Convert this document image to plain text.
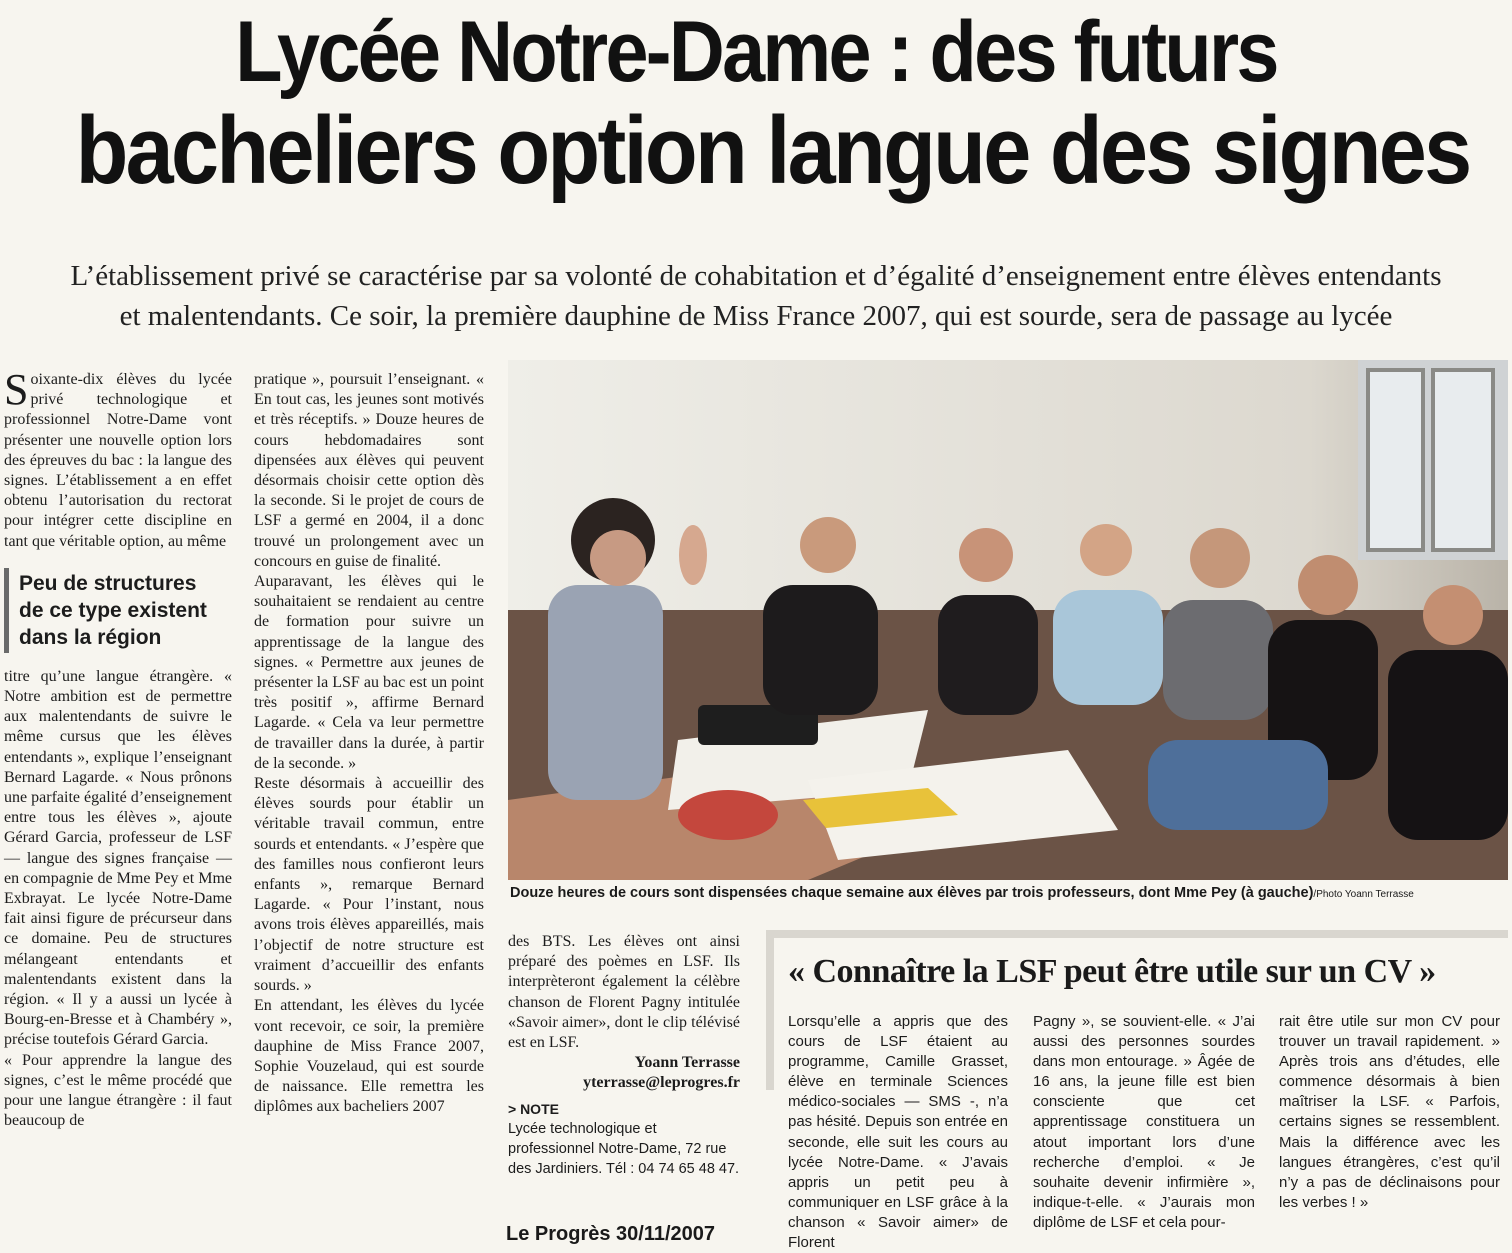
Lycée Notre-Dame : des futurs
bacheliers option langue des signes
L’établissement privé se caractérise par sa volonté de cohabitation et d’égalité d’enseignement entre élèves entendants
et malentendants. Ce soir, la première dauphine de Miss France 2007, qui est sourde, sera de passage au lycée

Soixante-dix élèves du lycée privé technologique et professionnel Notre-Dame vont présenter une nouvelle option lors des épreuves du bac : la langue des signes. L’établissement a en effet obtenu l’autorisation du rectorat pour intégrer cette discipline en tant que véritable option, au même

Peu de structures
de ce type existent
dans la région

titre qu’une langue étrangère. « Notre ambition est de permettre aux malentendants de suivre le même cursus que les élèves entendants », explique l’enseignant Bernard Lagarde. « Nous prônons une parfaite égalité d’enseignement entre tous les élèves », ajoute Gérard Garcia, professeur de LSF — langue des signes française — en compagnie de Mme Pey et Mme Exbrayat. Le lycée Notre-Dame fait ainsi figure de précurseur dans ce domaine. Peu de structures mélangeant entendants et malentendants existent dans la région. « Il y a aussi un lycée à Bourg-en-Bresse et à Chambéry », précise toutefois Gérard Garcia.

« Pour apprendre la langue des signes, c’est le même procédé que pour une langue étrangère : il faut beaucoup de

pratique », poursuit l’enseignant. « En tout cas, les jeunes sont motivés et très réceptifs. » Douze heures de cours hebdomadaires sont dipensées aux élèves qui peuvent désormais choisir cette option dès la seconde. Si le projet de cours de LSF a germé en 2004, il a donc trouvé un prolongement avec un concours en guise de finalité.

Auparavant, les élèves qui le souhaitaient se rendaient au centre de formation pour suivre un apprentissage de la langue des signes. « Permettre aux jeunes de présenter la LSF au bac est un point très positif », affirme Bernard Lagarde. « Cela va leur permettre de travailler dans la durée, à partir de la seconde. »

Reste désormais à accueillir des élèves sourds pour établir un véritable travail commun, entre sourds et entendants. « J’espère que des familles nous confieront leurs enfants », remarque Bernard Lagarde. « Pour l’instant, nous avons trois élèves appareillés, mais l’objectif de notre structure est vraiment d’accueillir des enfants sourds. »

En attendant, les élèves du lycée vont recevoir, ce soir, la première dauphine de Miss France 2007, Sophie Vouzelaud, qui est sourde de naissance. Elle remettra les diplômes aux bacheliers 2007

Douze heures de cours sont dispensées chaque semaine aux élèves par trois professeurs, dont Mme Pey (à gauche)/Photo Yoann Terrasse

des BTS. Les élèves ont ainsi préparé des poèmes en LSF. Ils interprèteront également la célèbre chanson de Florent Pagny intitulée «Savoir aimer», dont le clip télévisé est en LSF.

Yoann Terrasse
yterrasse@leprogres.fr
> NOTE
Lycée technologique et professionnel Notre-Dame, 72 rue des Jardiniers. Tél : 04 74 65 48 47.
« Connaître la LSF peut être utile sur un CV »
Lorsqu’elle a appris que des cours de LSF étaient au programme, Camille Grasset, élève en terminale Sciences médico-sociales — SMS -, n’a pas hésité. Depuis son entrée en seconde, elle suit les cours au lycée Notre-Dame. « J’avais appris un petit peu à communiquer en LSF grâce à la chanson « Savoir aimer» de Florent
Pagny », se souvient-elle. « J’ai aussi des personnes sourdes dans mon entourage. » Âgée de 16 ans, la jeune fille est bien consciente que cet apprentissage constituera un atout important lors d’une recherche d’emploi. « Je souhaite devenir infirmière », indique-t-elle. « J’aurais mon diplôme de LSF et cela pour-
rait être utile sur mon CV pour trouver un travail rapidement. » Après trois ans d’études, elle commence désormais à bien maîtriser la LSF. « Parfois, certains signes se ressemblent. Mais la différence avec les langues étrangères, c’est qu’il n’y a pas de déclinaisons pour les verbes ! »
Le Progrès 30/11/2007
